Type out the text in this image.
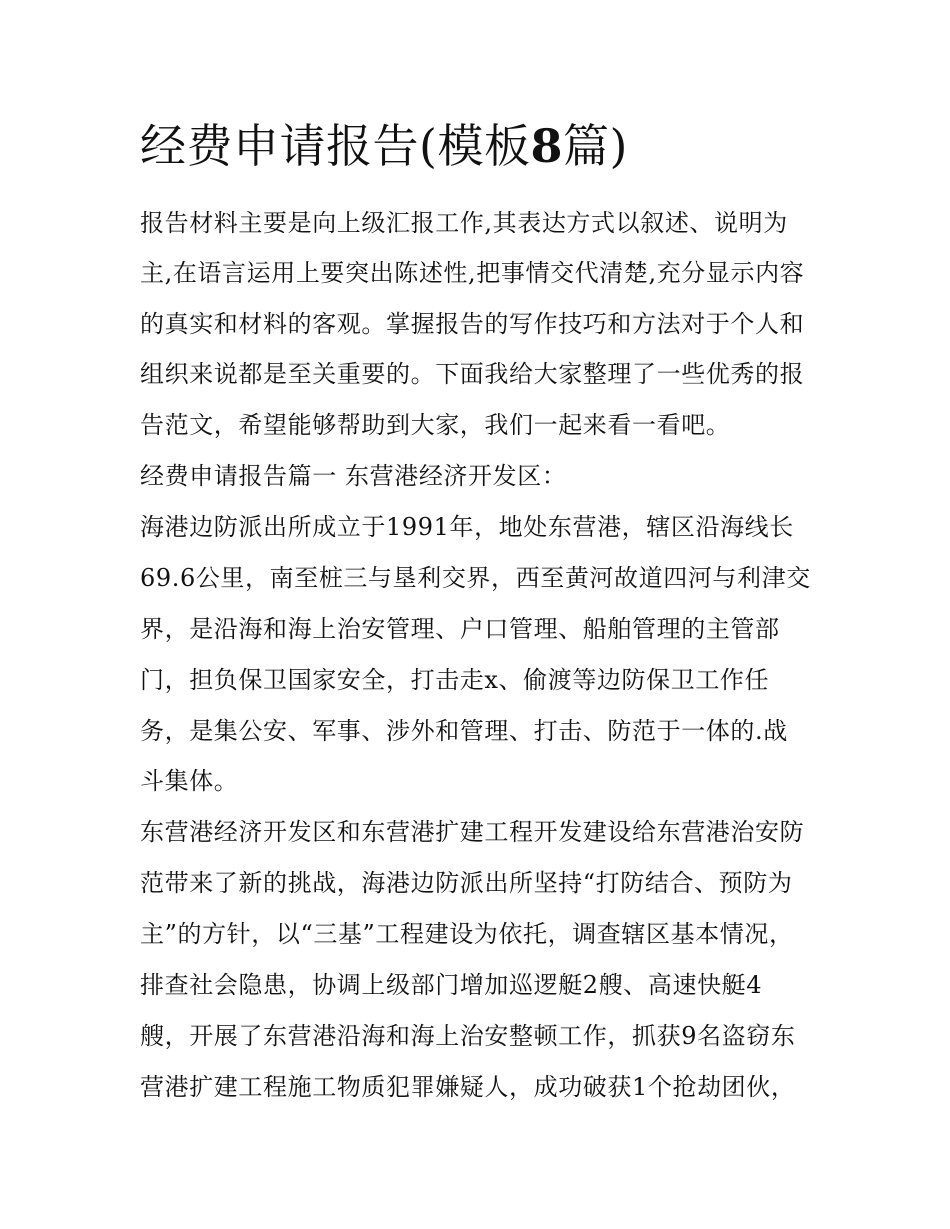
经费申请报告(模板8篇)

报告材料主要是向上级汇报工作,其表达方式以叙述、说明为

主,在语言运用上要突出陈述性,把事情交代清楚,充分显示内容

的真实和材料的客观。掌握报告的写作技巧和方法对于个人和

组织来说都是至关重要的。下面我给大家整理了一些优秀的报

告范文，希望能够帮助到大家，我们一起来看一看吧。

经费申请报告篇一 东营港经济开发区：

海港边防派出所成立于1991年，地处东营港，辖区沿海线长

69.6公里，南至桩三与垦利交界，西至黄河故道四河与利津交

界，是沿海和海上治安管理、户口管理、船舶管理的主管部

门，担负保卫国家安全，打击走x、偷渡等边防保卫工作任

务，是集公安、军事、涉外和管理、打击、防范于一体的.战

斗集体。

东营港经济开发区和东营港扩建工程开发建设给东营港治安防

范带来了新的挑战，海港边防派出所坚持“打防结合、预防为

主”的方针，以“三基”工程建设为依托，调查辖区基本情况，

排查社会隐患，协调上级部门增加巡逻艇2艘、高速快艇4

艘，开展了东营港沿海和海上治安整顿工作，抓获9名盗窃东

营港扩建工程施工物质犯罪嫌疑人，成功破获1个抢劫团伙，
